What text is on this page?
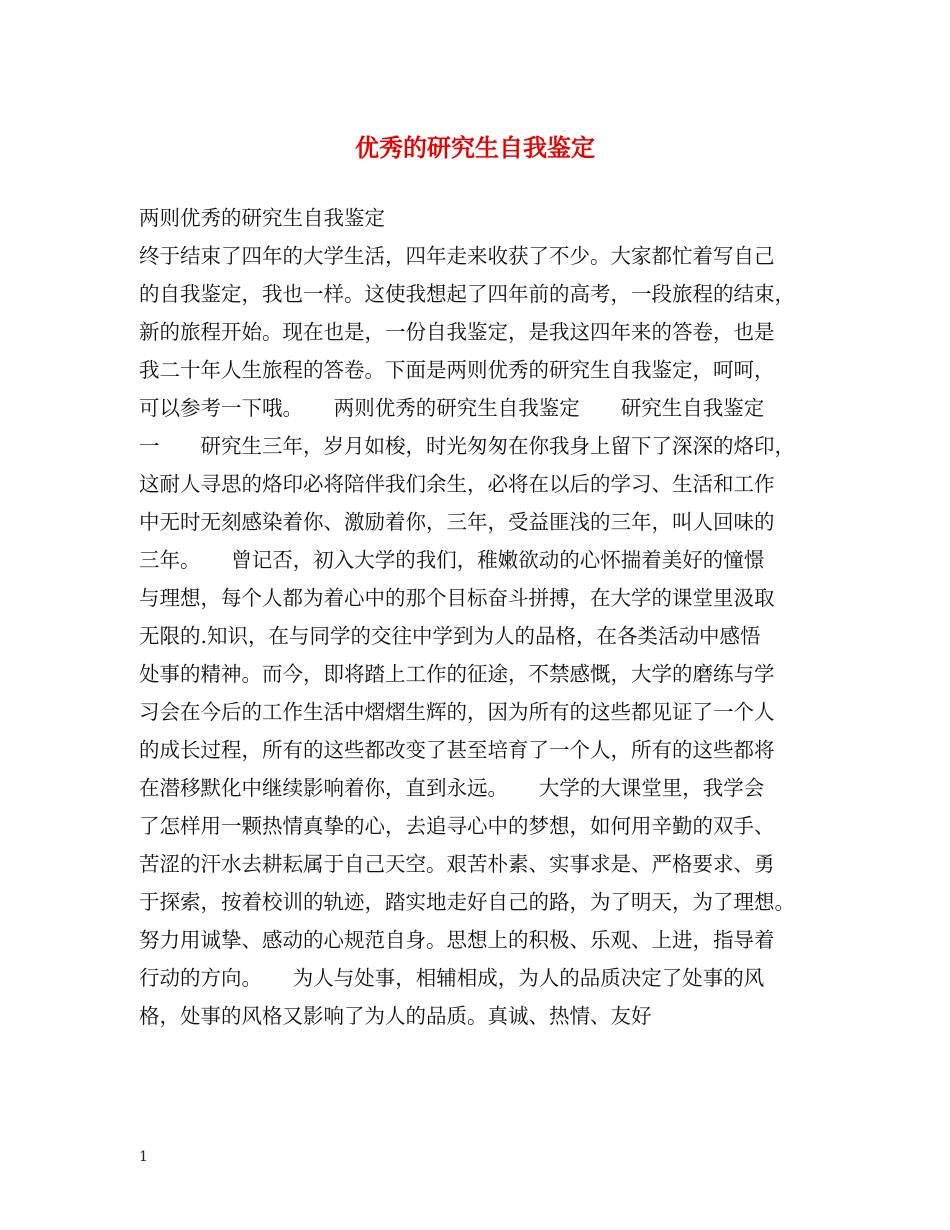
优秀的研究生自我鉴定
两则优秀的研究生自我鉴定
终于结束了四年的大学生活，四年走来收获了不少。大家都忙着写自己
的自我鉴定，我也一样。这使我想起了四年前的高考，一段旅程的结束，
新的旅程开始。现在也是，一份自我鉴定，是我这四年来的答卷，也是
我二十年人生旅程的答卷。下面是两则优秀的研究生自我鉴定，呵呵，
可以参考一下哦。　　两则优秀的研究生自我鉴定　　研究生自我鉴定
一　　研究生三年，岁月如梭，时光匆匆在你我身上留下了深深的烙印，
这耐人寻思的烙印必将陪伴我们余生，必将在以后的学习、生活和工作
中无时无刻感染着你、激励着你，三年，受益匪浅的三年，叫人回味的
三年。　　曾记否，初入大学的我们，稚嫩欲动的心怀揣着美好的憧憬
与理想，每个人都为着心中的那个目标奋斗拼搏，在大学的课堂里汲取
无限的.知识，在与同学的交往中学到为人的品格，在各类活动中感悟
处事的精神。而今，即将踏上工作的征途，不禁感慨，大学的磨练与学
习会在今后的工作生活中熠熠生辉的，因为所有的这些都见证了一个人
的成长过程，所有的这些都改变了甚至培育了一个人，所有的这些都将
在潜移默化中继续影响着你，直到永远。　　大学的大课堂里，我学会
了怎样用一颗热情真挚的心，去追寻心中的梦想，如何用辛勤的双手、
苦涩的汗水去耕耘属于自己天空。艰苦朴素、实事求是、严格要求、勇
于探索，按着校训的轨迹，踏实地走好自己的路，为了明天，为了理想。
努力用诚挚、感动的心规范自身。思想上的积极、乐观、上进，指导着
行动的方向。　　为人与处事，相辅相成，为人的品质决定了处事的风
格，处事的风格又影响了为人的品质。真诚、热情、友好
1
